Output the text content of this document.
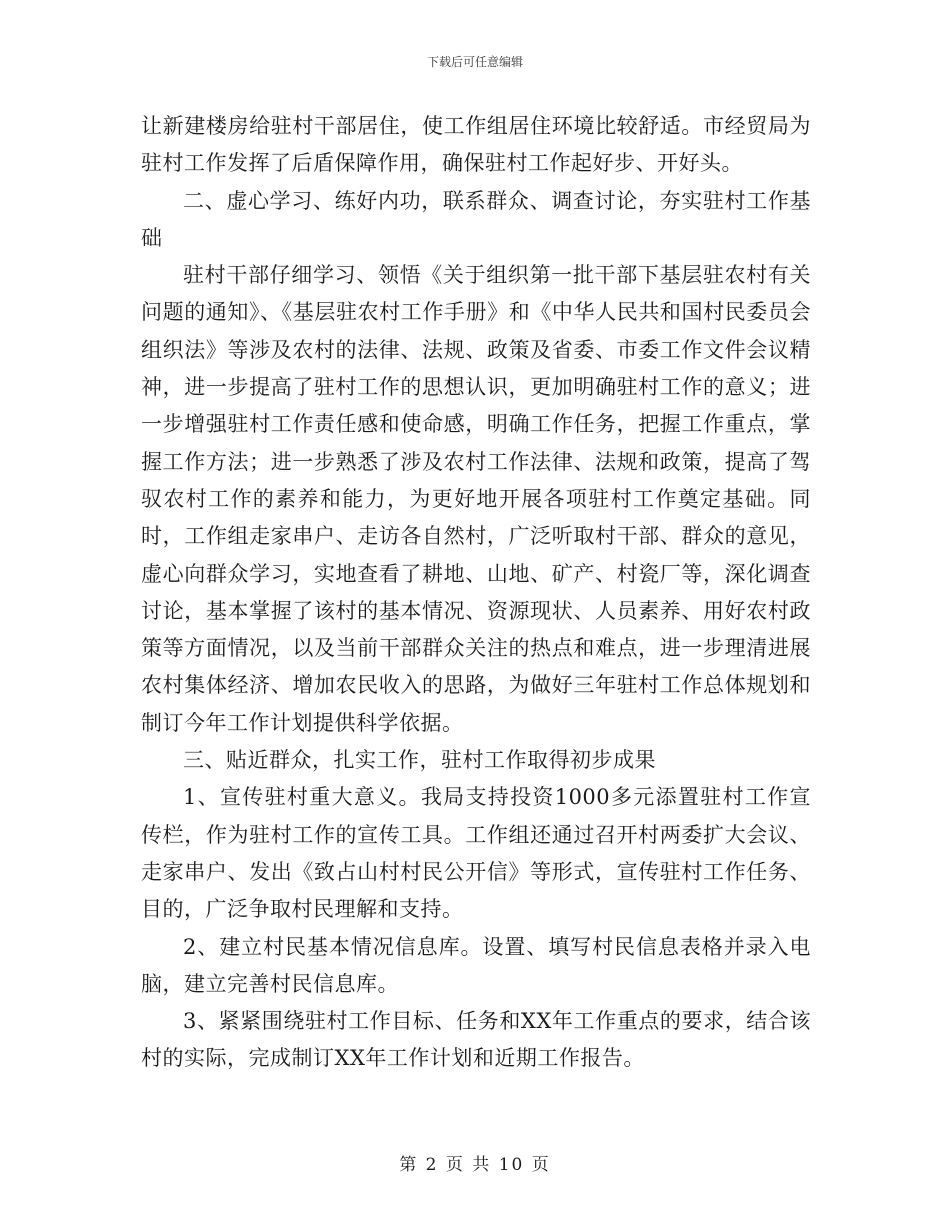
下载后可任意编辑

让新建楼房给驻村干部居住，使工作组居住环境比较舒适。市经贸局为驻村工作发挥了后盾保障作用，确保驻村工作起好步、开好头。

二、虚心学习、练好内功，联系群众、调查讨论，夯实驻村工作基础

驻村干部仔细学习、领悟《关于组织第一批干部下基层驻农村有关问题的通知》、《基层驻农村工作手册》和《中华人民共和国村民委员会组织法》等涉及农村的法律、法规、政策及省委、市委工作文件会议精神，进一步提高了驻村工作的思想认识，更加明确驻村工作的意义；进一步增强驻村工作责任感和使命感，明确工作任务，把握工作重点，掌握工作方法；进一步熟悉了涉及农村工作法律、法规和政策，提高了驾驭农村工作的素养和能力，为更好地开展各项驻村工作奠定基础。同时，工作组走家串户、走访各自然村，广泛听取村干部、群众的意见，虚心向群众学习，实地查看了耕地、山地、矿产、村瓷厂等，深化调查讨论，基本掌握了该村的基本情况、资源现状、人员素养、用好农村政策等方面情况，以及当前干部群众关注的热点和难点，进一步理清进展农村集体经济、增加农民收入的思路，为做好三年驻村工作总体规划和制订今年工作计划提供科学依据。

三、贴近群众，扎实工作，驻村工作取得初步成果

1、宣传驻村重大意义。我局支持投资1000多元添置驻村工作宣传栏，作为驻村工作的宣传工具。工作组还通过召开村两委扩大会议、走家串户、发出《致占山村村民公开信》等形式，宣传驻村工作任务、目的，广泛争取村民理解和支持。

2、建立村民基本情况信息库。设置、填写村民信息表格并录入电脑，建立完善村民信息库。

3、紧紧围绕驻村工作目标、任务和XX年工作重点的要求，结合该村的实际，完成制订XX年工作计划和近期工作报告。

第 2 页 共 10 页
